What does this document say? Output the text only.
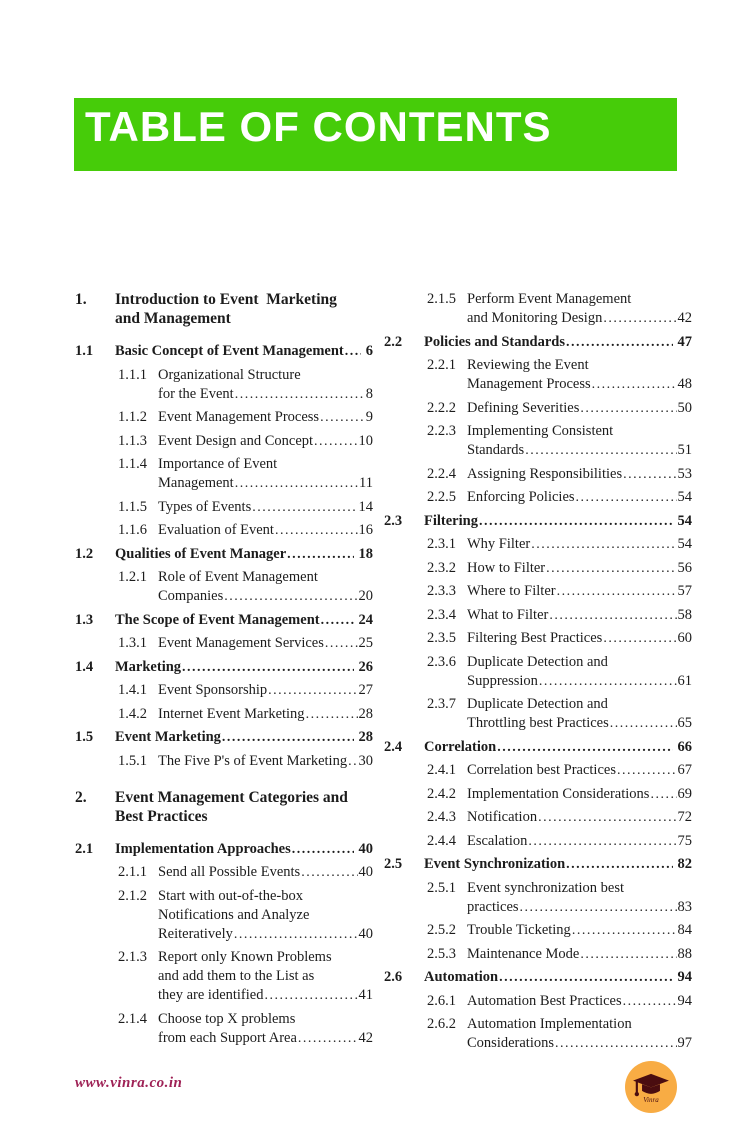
TABLE OF CONTENTS
1.	Introduction to Event  Marketing
and Management
1.1	Basic Concept of Event Management ..... 6
1.1.1 Organizational Structure
for the Event .....	8
1.1.2 Event Management Process .....	9
1.1.3 Event Design and Concept .....	10
1.1.4 Importance of Event
Management .....	11
1.1.5 Types of Events .....	14
1.1.6 Evaluation of Event .....	16
1.2	Qualities of Event Manager .....	18
1.2.1 Role of Event Management
Companies .....	20
1.3	The Scope of Event Management .....	24
1.3.1 Event Management Services ..... 25
1.4	Marketing .....	26
1.4.1 Event Sponsorship .....	27
1.4.2 Internet Event Marketing .....	28
1.5	Event Marketing .....	28
1.5.1 The Five P's of Event Marketing ..... 30
2.	Event Management Categories and
Best Practices
2.1	Implementation Approaches .....	40
2.1.1 Send all Possible Events .....	40
2.1.2 Start with out-of-the-box
Notifications and Analyze
Reiteratively .....	40
2.1.3 Report only Known Problems
and add them to the List as
they are identified .....	41
2.1.4 Choose top X problems
from each Support Area .....	42
2.1.5 Perform Event Management
and Monitoring Design .....	42
2.2	Policies and Standards .....	47
2.2.1 Reviewing the Event
Management Process .....	48
2.2.2 Defining Severities .....	50
2.2.3 Implementing Consistent
Standards .....	51
2.2.4 Assigning Responsibilities .....	53
2.2.5 Enforcing Policies .....	54
2.3	Filtering .....	54
2.3.1 Why Filter .....	54
2.3.2 How to Filter .....	56
2.3.3 Where to Filter .....	57
2.3.4 What to Filter .....	58
2.3.5 Filtering Best Practices .....	60
2.3.6 Duplicate Detection and
Suppression .....	61
2.3.7 Duplicate Detection and
Throttling best Practices .....	65
2.4	Correlation .....	66
2.4.1 Correlation best Practices .....	67
2.4.2 Implementation Considerations ..... 69
2.4.3 Notification .....	72
2.4.4 Escalation .....	75
2.5	Event Synchronization .....	82
2.5.1 Event synchronization best
practices .....	83
2.5.2 Trouble Ticketing .....	84
2.5.3 Maintenance Mode .....	88
2.6	Automation .....	94
2.6.1 Automation Best Practices .....	94
2.6.2 Automation Implementation
Considerations .....	97
www.vinra.co.in
Vinra
